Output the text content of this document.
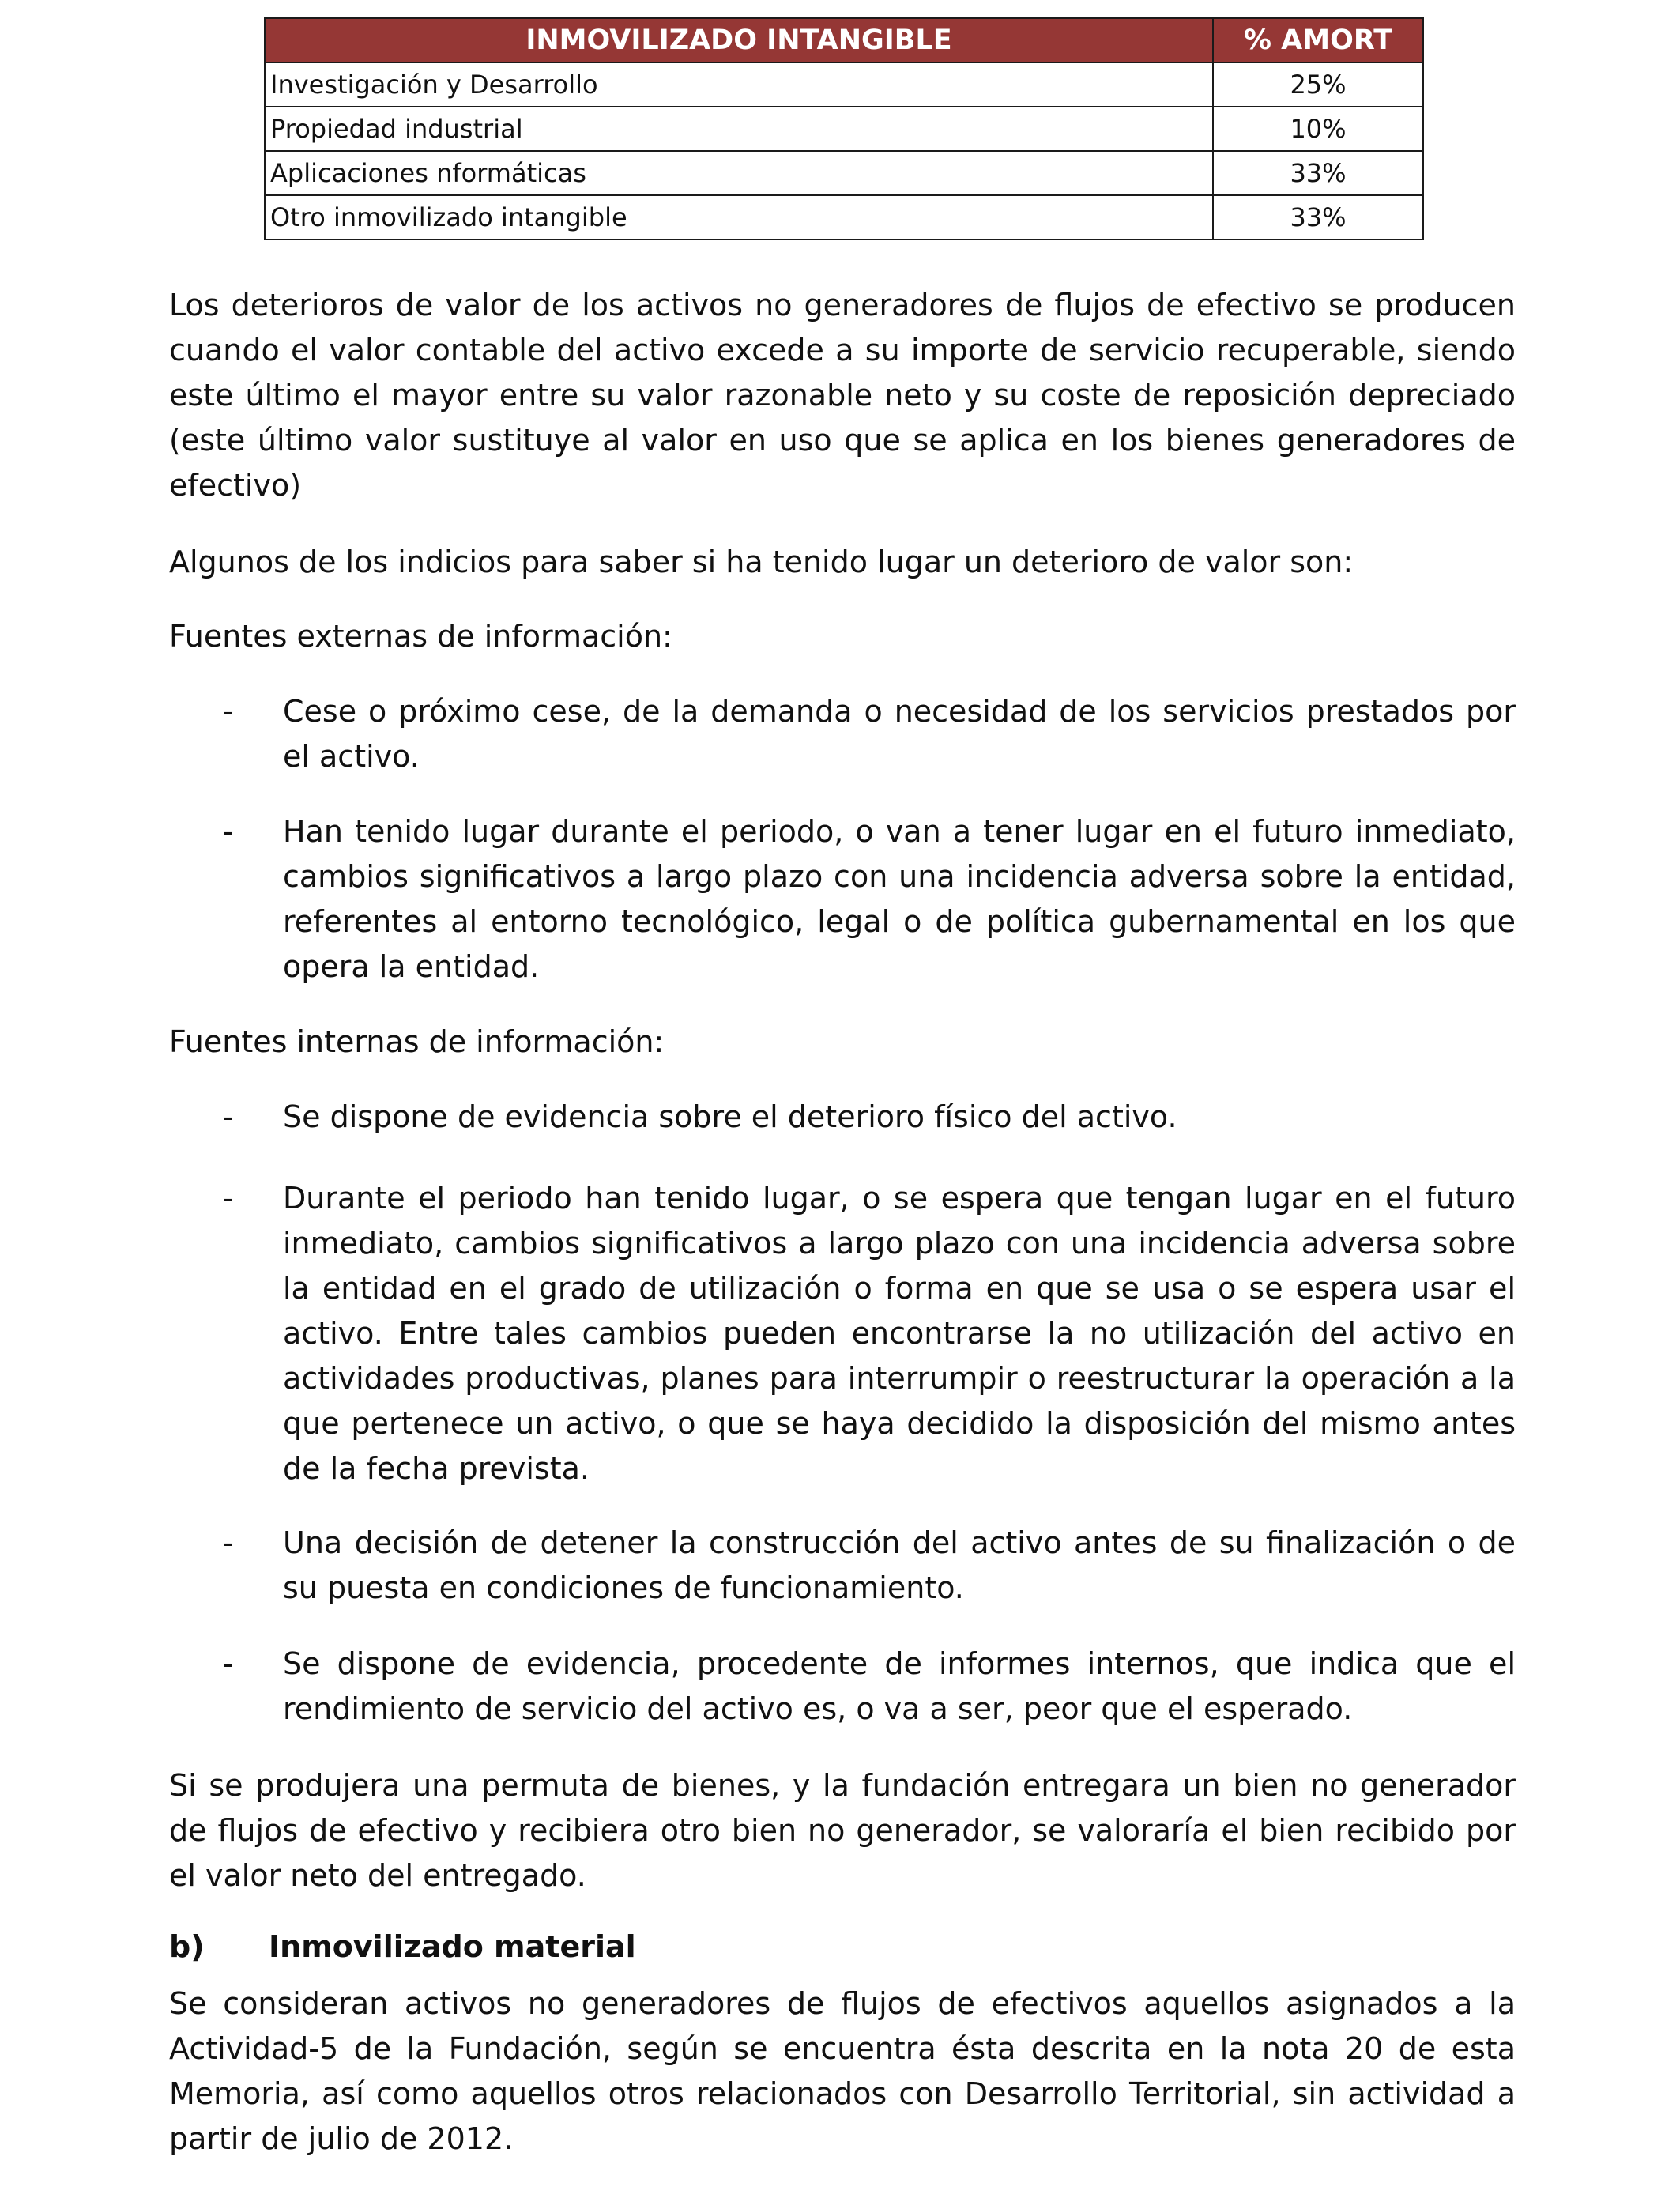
INMOVILIZADO INTANGIBLE	% AMORT
Investigación y Desarrollo	25%
Propiedad industrial	10%
Aplicaciones nformáticas	33%
Otro inmovilizado intangible	33%

Los deterioros de valor de los activos no generadores de flujos de efectivo se producen cuando el valor contable del activo excede a su importe de servicio recuperable, siendo este último el mayor entre su valor razonable neto y su coste de reposición depreciado (este último valor sustituye al valor en uso que se aplica en los bienes generadores de efectivo)

Algunos de los indicios para saber si ha tenido lugar un deterioro de valor son:

Fuentes externas de información:

- Cese o próximo cese, de la demanda o necesidad de los servicios prestados por el activo.
- Han tenido lugar durante el periodo, o van a tener lugar en el futuro inmediato, cambios significativos a largo plazo con una incidencia adversa sobre la entidad, referentes al entorno tecnológico, legal o de política gubernamental en los que opera la entidad.

Fuentes internas de información:

- Se dispone de evidencia sobre el deterioro físico del activo.
- Durante el periodo han tenido lugar, o se espera que tengan lugar en el futuro inmediato, cambios significativos a largo plazo con una incidencia adversa sobre la entidad en el grado de utilización o forma en que se usa o se espera usar el activo. Entre tales cambios pueden encontrarse la no utilización del activo en actividades productivas, planes para interrumpir o reestructurar la operación a la que pertenece un activo, o que se haya decidido la disposición del mismo antes de la fecha prevista.
- Una decisión de detener la construcción del activo antes de su finalización o de su puesta en condiciones de funcionamiento.
- Se dispone de evidencia, procedente de informes internos, que indica que el rendimiento de servicio del activo es, o va a ser, peor que el esperado.

Si se produjera una permuta de bienes, y la fundación entregara un bien no generador de flujos de efectivo y recibiera otro bien no generador, se valoraría el bien recibido por el valor neto del entregado.

b) Inmovilizado material

Se consideran activos no generadores de flujos de efectivos aquellos asignados a la Actividad-5 de la Fundación, según se encuentra ésta descrita en la nota 20 de esta Memoria, así como aquellos otros relacionados con Desarrollo Territorial, sin actividad a partir de julio de 2012.
